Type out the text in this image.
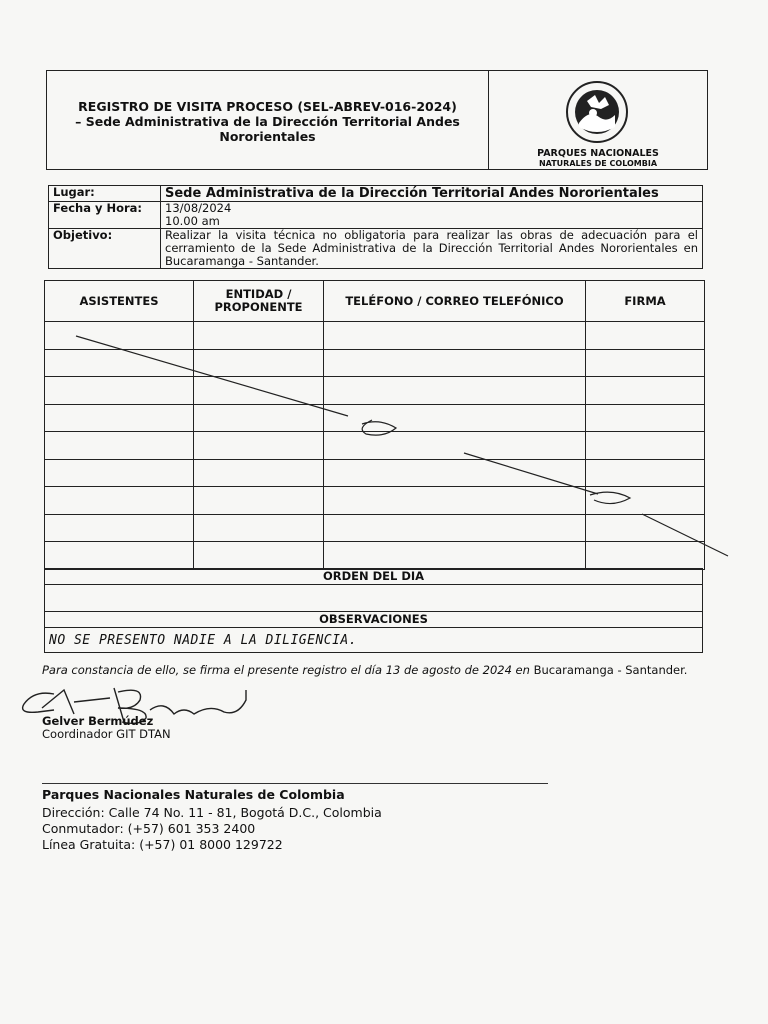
REGISTRO DE VISITA PROCESO (SEL-ABREV-016-2024)
– Sede Administrativa de la Dirección Territorial Andes
Nororientales
PARQUES NACIONALES
NATURALES DE COLOMBIA
Lugar:	Sede Administrativa de la Dirección Territorial Andes Nororientales
Fecha y Hora:	13/08/2024
10.00 am

Objetivo:	Realizar la visita técnica no obligatoria para realizar las obras de adecuación para el cerramiento de la Sede Administrativa de la Dirección Territorial Andes Nororientales en Bucaramanga - Santander.
ASISTENTES	ENTIDAD / PROPONENTE	TELÉFONO / CORREO TELEFÓNICO	FIRMA

ORDEN DEL DIA

OBSERVACIONES
NO SE PRESENTO NADIE A LA DILIGENCIA.
Para constancia de ello, se firma el presente registro el día 13 de agosto de 2024 en Bucaramanga - Santander.
Gelver Bermúdez
Coordinador GIT DTAN
Parques Nacionales Naturales de Colombia
Dirección: Calle 74 No. 11 - 81, Bogotá D.C., Colombia
Conmutador: (+57) 601 353 2400
Línea Gratuita: (+57) 01 8000 129722
